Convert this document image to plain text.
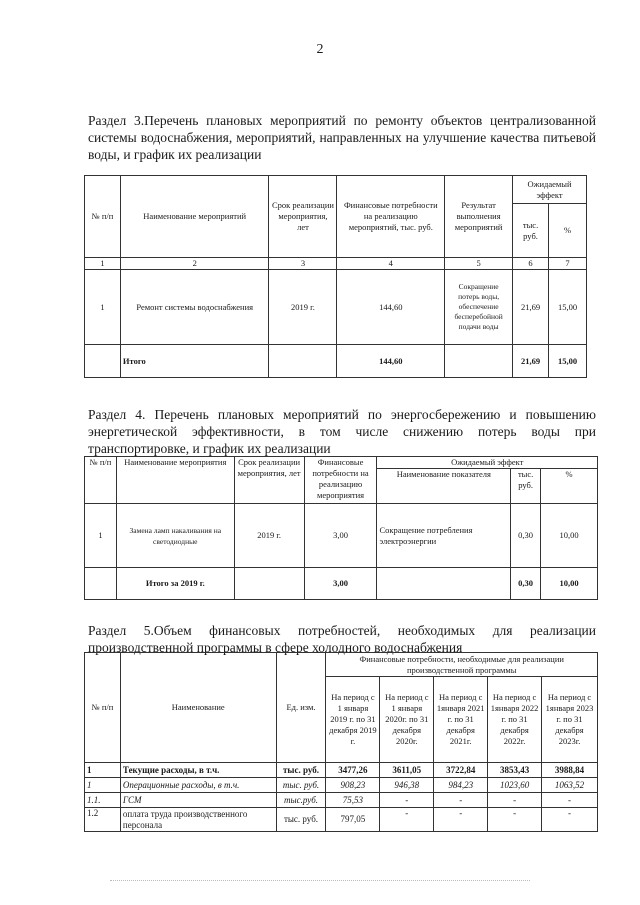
2
Раздел 3.Перечень плановых мероприятий по ремонту объектов централизованной системы водоснабжения, мероприятий, направленных на улучшение качества питьевой воды, и график их реализации
№ п/п	Наименование мероприятий	Срок реализации мероприятия, лет	Финансовые потребности на реализацию мероприятий, тыс. руб.	Результат выполнения мероприятий	Ожидаемый эффект	
					тыс. руб.	%
1	2	3	4	5	6	7
1	Ремонт системы водоснабжения	2019 г.	144,60	Сокращение потерь воды, обеспечение бесперебойной подачи воды	21,69	15,00
	Итого		144,60		21,69	15,00
Раздел 4. Перечень плановых мероприятий по энергосбережению и повышению энергетической эффективности, в том числе снижению потерь воды при транспортировке, и график их реализации
№ п/п	Наименование мероприятия	Срок реализации мероприятия, лет	Финансовые потребности на реализацию мероприятия	Ожидаемый эффект		
				Наименование показателя	тыс. руб.	%
1	Замена ламп накаливания на светодиодные	2019 г.	3,00	Сокращение потребления электроэнергии	0,30	10,00
	Итого за 2019 г.		3,00		0,30	10,00
Раздел 5.Объем финансовых потребностей, необходимых для реализации производственной программы в сфере холодного водоснабжения
№ п/п	Наименование	Ед. изм.	Финансовые потребности, необходимые для реализации производственной программы				
			На период с 1 января 2019 г. по 31 декабря 2019 г.	На период с 1 января 2020г. по 31 декабря 2020г.	На период с 1января 2021 г. по 31 декабря 2021г.	На период с 1января 2022 г. по 31 декабря 2022г.	На период с 1января 2023 г. по 31 декабря 2023г.
1	Текущие расходы, в т.ч.	тыс. руб.	3477,26	3611,05	3722,84	3853,43	3988,84
1	Операционные расходы, в т.ч.	тыс. руб.	908,23	946,38	984,23	1023,60	1063,52
1.1.	ГСМ	тыс.руб.	75,53	-	-	-	-
1.2	оплата труда производственного персонала	тыс. руб.	797,05	-	-	-	-
